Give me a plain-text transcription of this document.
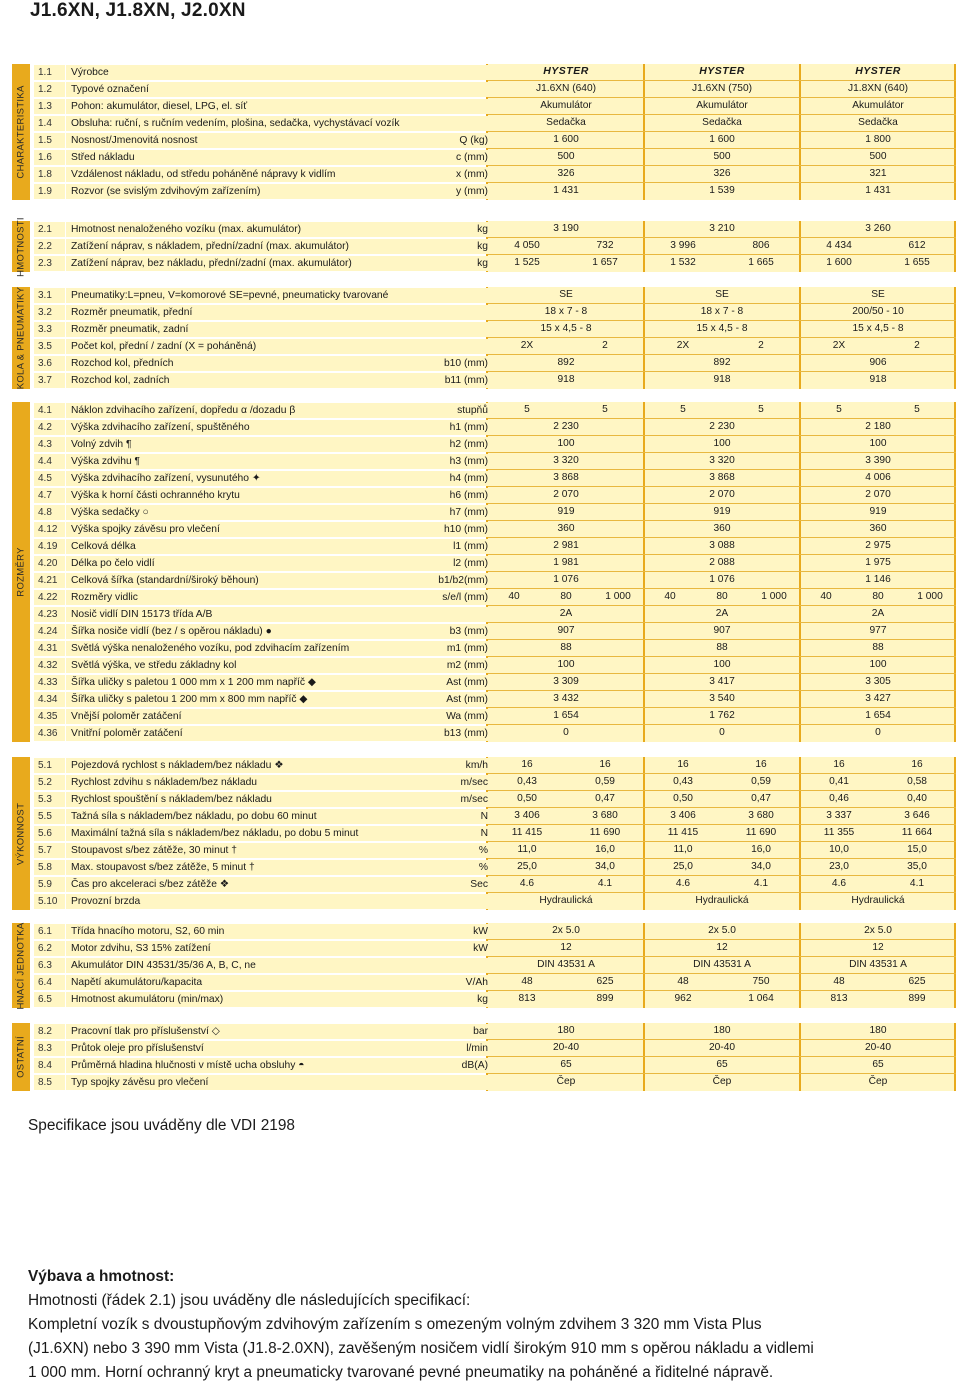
J1.6XN, J1.8XN, J2.0XN
CHARAKTERISTIKA
1.1	Výrobce	HYSTER	HYSTER	HYSTER
1.2	Typové označení	J1.6XN (640)	J1.6XN (750)	J1.8XN (640)
1.3	Pohon: akumulátor, diesel, LPG, el. síť	Akumulátor	Akumulátor	Akumulátor
1.4	Obsluha: ruční, s ručním vedením, plošina, sedačka, vychystávací vozík	Sedačka	Sedačka	Sedačka
1.5	Nosnost/Jmenovitá nosnost	Q (kg)	1 600	1 600	1 800
1.6	Střed nákladu	c (mm)	500	500	500
1.8	Vzdálenost nákladu, od středu poháněné nápravy k vidlím	x (mm)	326	326	321
1.9	Rozvor (se svislým zdvihovým zařízením)	y (mm)	1 431	1 539	1 431
HMOTNOSTI	2.1	Hmotnost nenaloženého vozíku (max. akumulátor)	kg	3 190	3 210	3 260
2.2	Zatížení náprav, s nákladem, přední/zadní (max. akumulátor)	kg	4 050	732	3 996	806	4 434	612
2.3	Zatížení náprav, bez nákladu, přední/zadní (max. akumulátor)	kg	1 525	1 657	1 532	1 665	1 600	1 655
KOLA & PNEUMATIKY	3.1	Pneumatiky:L=pneu, V=komorové SE=pevné, pneumaticky tvarované	SE	SE	SE
3.2	Rozměr pneumatik, přední	18 x 7 - 8	18 x 7 - 8	200/50 - 10
3.3	Rozměr pneumatik, zadní	15 x 4,5 - 8	15 x 4,5 - 8	15 x 4,5 - 8
3.5	Počet kol, přední / zadní (X = poháněná)	2X	2	2X	2	2X	2
3.6	Rozchod kol, předních	b10 (mm)	892	892	906
3.7	Rozchod kol, zadních	b11 (mm)	918	918	918
ROZMĚRY
4.1	Náklon zdvihacího zařízení, dopředu α /dozadu β	stupňů	5	5	5	5	5	5
4.2	Výška zdvihacího zařízení, spuštěného	h1 (mm)	2 230	2 230	2 180
4.3	Volný zdvih ¶	h2 (mm)	100	100	100
4.4	Výška zdvihu ¶	h3 (mm)	3 320	3 320	3 390
4.5	Výška zdvihacího zařízení, vysunutého ✦	h4 (mm)	3 868	3 868	4 006
4.7	Výška k horní části ochranného krytu	h6 (mm)	2 070	2 070	2 070
4.8	Výška sedačky ○	h7 (mm)	919	919	919
4.12	Výška spojky závěsu pro vlečení	h10 (mm)	360	360	360
4.19	Celková délka	l1 (mm)	2 981	3 088	2 975
4.20	Délka po čelo vidlí	l2 (mm)	1 981	2 088	1 975
4.21	Celková šířka (standardní/široký běhoun)	b1/b2(mm)	1 076	1 076	1 146
4.22	Rozměry vidlic	s/e/l (mm)	40	80	1 000	40	80	1 000	40	80	1 000
4.23	Nosič vidlí DIN 15173 třída A/B	2A	2A	2A
4.24	Šířka nosiče vidlí (bez / s opěrou nákladu) ●	b3 (mm)	907	907	977
4.31	Světlá výška nenaloženého vozíku, pod zdvihacím zařízením	m1 (mm)	88	88	88
4.32	Světlá výška, ve středu základny kol	m2 (mm)	100	100	100
4.33	Šířka uličky s paletou 1 000 mm x 1 200 mm napříč ◆	Ast (mm)	3 309	3 417	3 305
4.34	Šířka uličky s paletou 1 200 mm x 800 mm napříč ◆	Ast (mm)	3 432	3 540	3 427
4.35	Vnější poloměr zatáčení	Wa (mm)	1 654	1 762	1 654
4.36	Vnitřní poloměr zatáčení	b13 (mm)	0	0	0
VÝKONNOST
5.1	Pojezdová rychlost s nákladem/bez nákladu ❖	km/h	16	16	16	16	16	16
5.2	Rychlost zdvihu s nákladem/bez nákladu	m/sec	0,43	0,59	0,43	0,59	0,41	0,58
5.3	Rychlost spouštění s nákladem/bez nákladu	m/sec	0,50	0,47	0,50	0,47	0,46	0,40
5.5	Tažná síla s nákladem/bez nákladu, po dobu 60 minut	N	3 406	3 680	3 406	3 680	3 337	3 646
5.6	Maximální tažná síla s nákladem/bez nákladu, po dobu 5 minut	N	11 415	11 690	11 415	11 690	11 355	11 664
5.7	Stoupavost s/bez zátěže, 30 minut †	%	11,0	16,0	11,0	16,0	10,0	15,0
5.8	Max. stoupavost s/bez zátěže, 5 minut †	%	25,0	34,0	25,0	34,0	23,0	35,0
5.9	Čas pro akceleraci s/bez zátěže ❖	Sec	4.6	4.1	4.6	4.1	4.6	4.1
5.10	Provozní brzda	Hydraulická	Hydraulická	Hydraulická
HNACÍ JEDNOTKA	6.1	Třída hnacího motoru, S2, 60 min	kW	2x 5.0	2x 5.0	2x 5.0
6.2	Motor zdvihu, S3 15% zatížení	kW	12	12	12
6.3	Akumulátor DIN 43531/35/36 A, B, C, ne	DIN 43531 A	DIN 43531 A	DIN 43531 A
6.4	Napětí akumulátoru/kapacita	V/Ah	48	625	48	750	48	625
6.5	Hmotnost akumulátoru (min/max)	kg	813	899	962	1 064	813	899
OSTATNÍ
8.2	Pracovní tlak pro příslušenství ◇	bar	180	180	180
8.3	Průtok oleje pro příslušenství	l/min	20-40	20-40	20-40
8.4	Průměrná hladina hlučnosti v místě ucha obsluhy ◓	dB(A)	65	65	65
8.5	Typ spojky závěsu pro vlečení	Čep	Čep	Čep
Specifikace jsou uváděny dle VDI 2198
Výbava a hmotnost:
Hmotnosti (řádek 2.1) jsou uváděny dle následujících specifikací:
Kompletní vozík s dvoustupňovým zdvihovým zařízením s omezeným volným zdvihem 3 320 mm Vista Plus
(J1.6XN) nebo 3 390 mm Vista (J1.8-2.0XN), zavěšeným nosičem vidlí širokým 910 mm s opěrou nákladu a vidlemi
1 000 mm. Horní ochranný kryt a pneumaticky tvarované pevné pneumatiky na poháněné a řiditelné nápravě.
